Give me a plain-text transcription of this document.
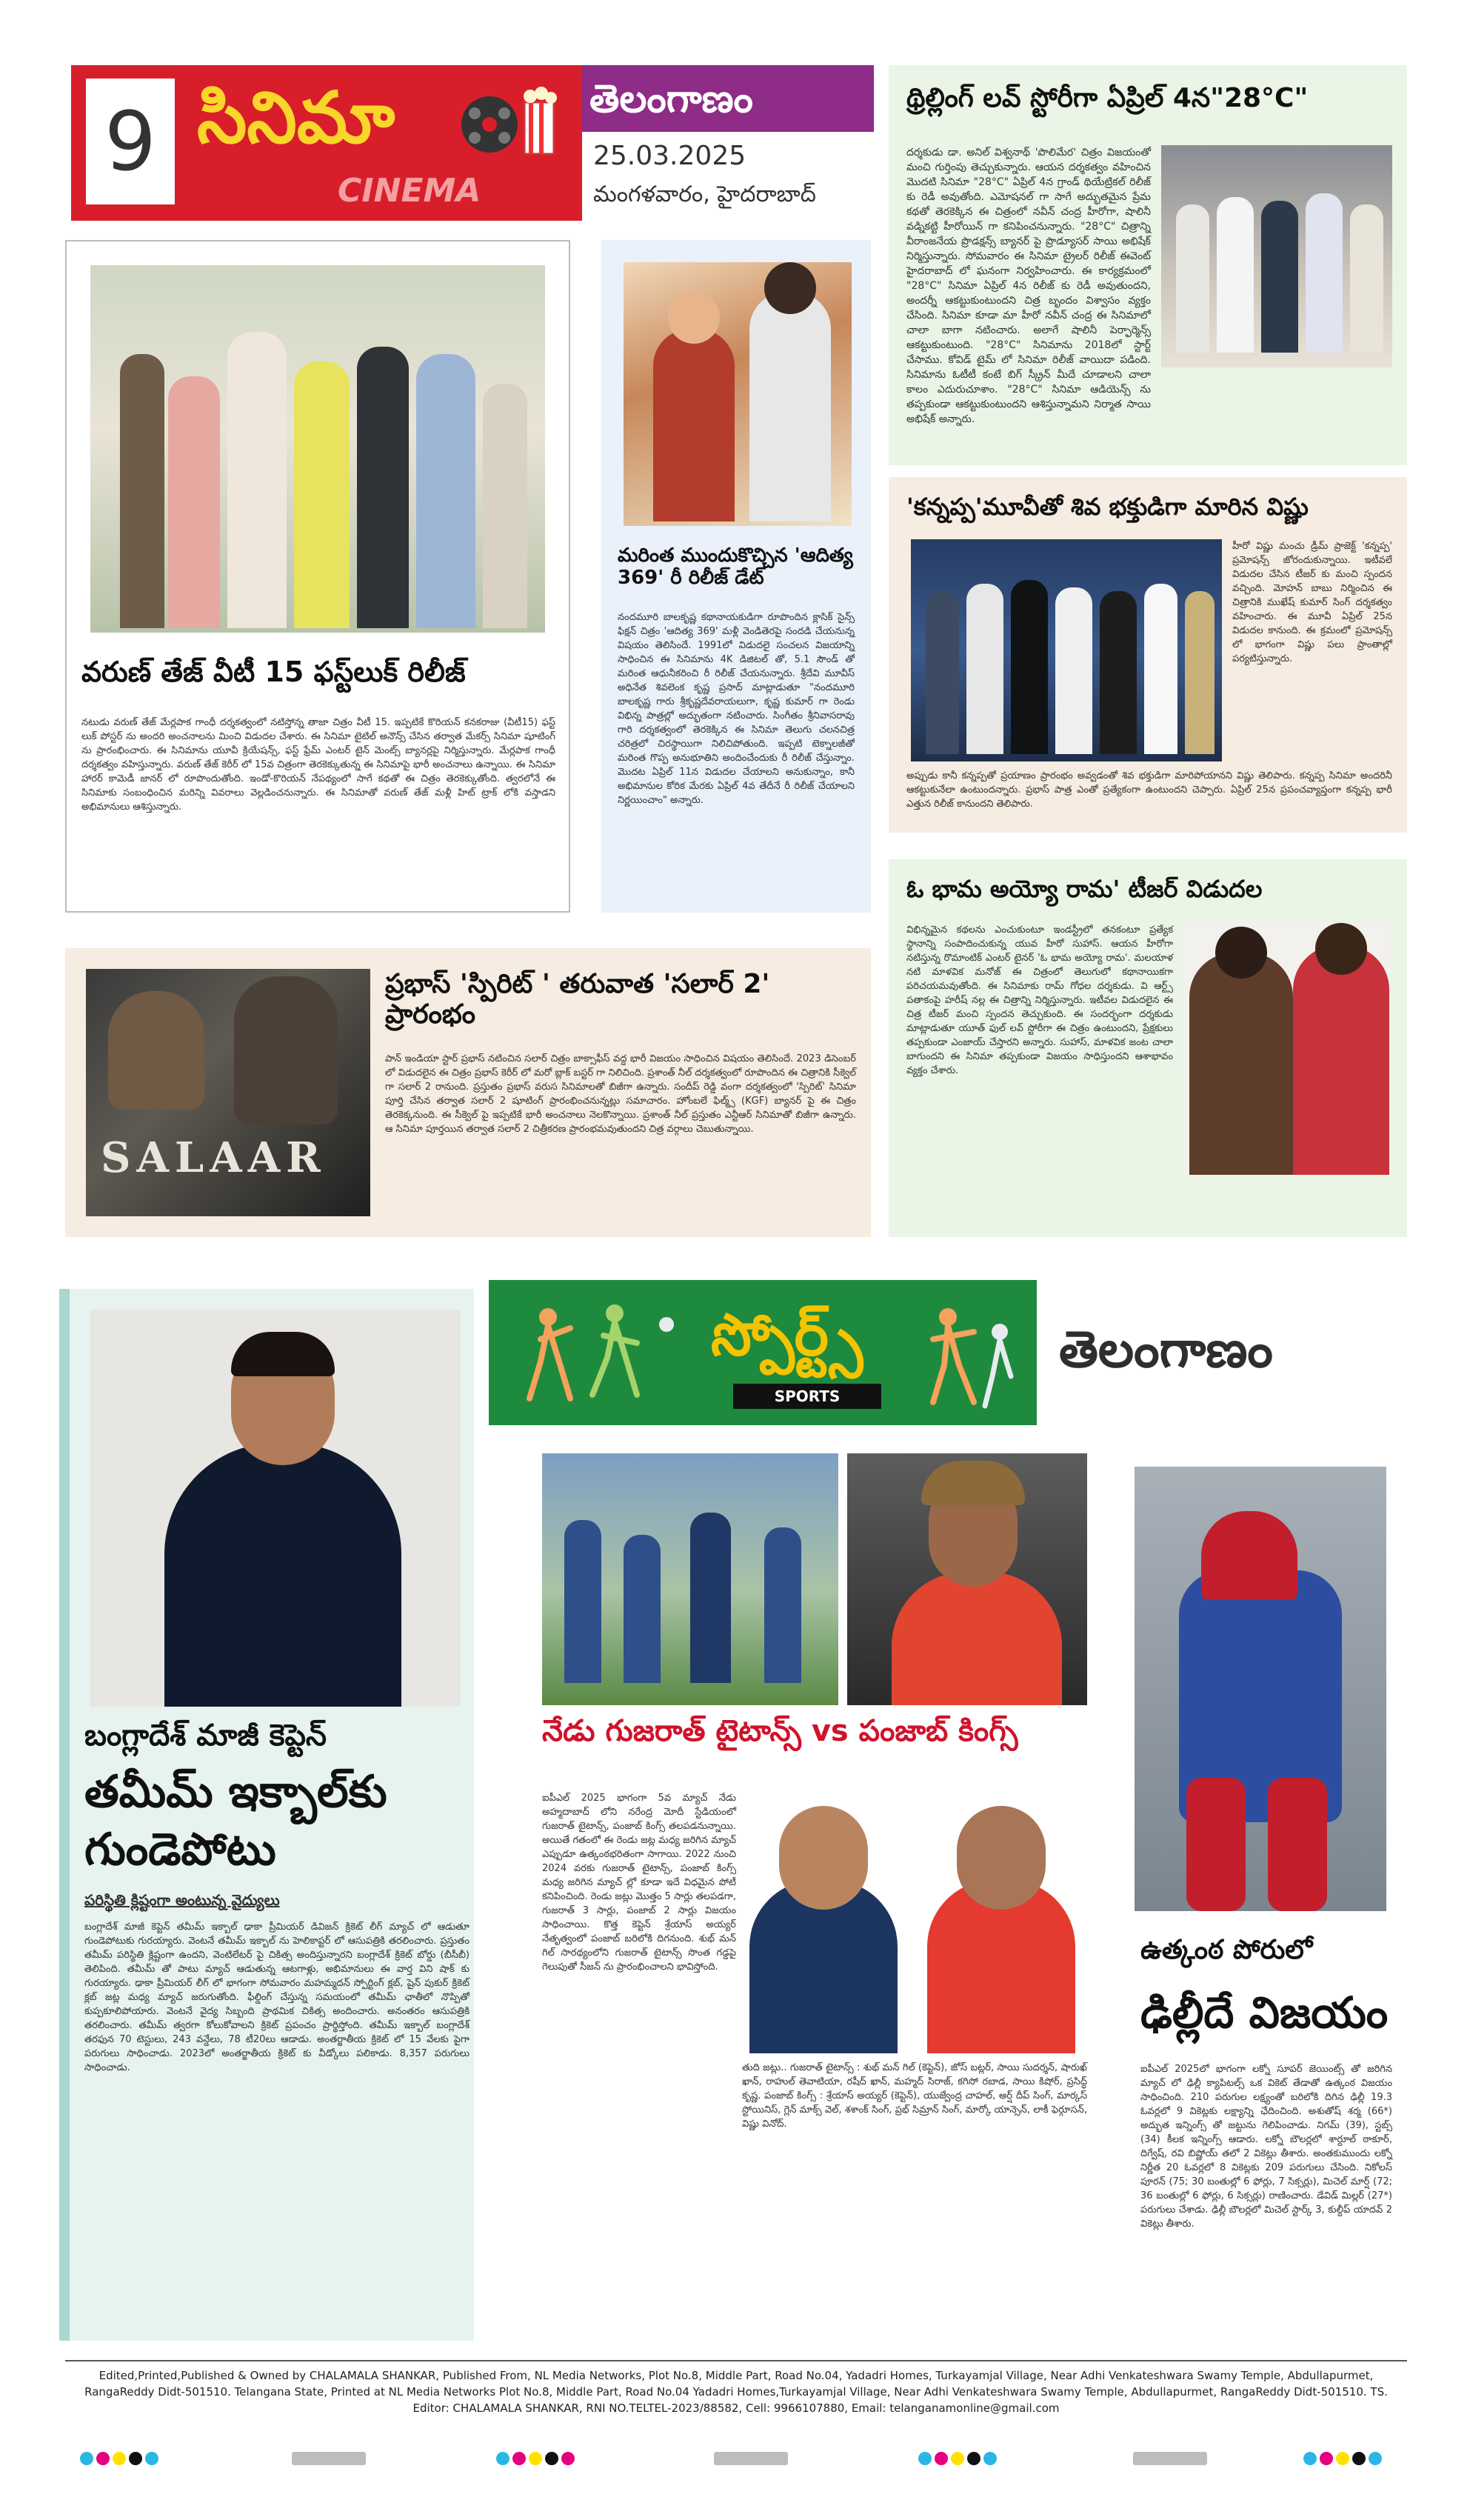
9 సినిమా
CINEMA
తెలంగాణం
25.03.2025
మంగళవారం, హైదరాబాద్
థ్రిల్లింగ్ లవ్ స్టోరీగా ఏప్రిల్ 4న"28°C"
దర్శకుడు డా. అనిల్ విశ్వనాథ్ 'పొలిమేర' చిత్రం విజయంతో మంచి గుర్తింపు తెచ్చుకున్నారు. ఆయన దర్శకత్వం వహించిన మొదటి సినిమా "28°C" ఏప్రిల్ 4న గ్రాండ్ థియేట్రికల్ రిలీజ్ కు రెడీ అవుతోంది. ఎమోషనల్ గా సాగే అద్భుతమైన ప్రేమ కథతో తెరకెక్కిన ఈ చిత్రంలో నవీన్ చంద్ర హీరోగా, షాలినీ వడ్నికట్టి హీరోయిన్ గా కనిపించనున్నారు. "28°C" చిత్రాన్ని వీరాంజనేయ ప్రొడక్షన్స్ బ్యానర్ పై ప్రొడ్యూసర్ సాయి అభిషేక్ నిర్మిస్తున్నారు. సోమవారం ఈ సినిమా ట్రైలర్ రిలీజ్ ఈవెంట్ హైదరాబాద్ లో ఘనంగా నిర్వహించారు. ఈ కార్యక్రమంలో "28°C" సినిమా ఏప్రిల్ 4న రిలీజ్ కు రెడీ అవుతుందని, అందర్నీ ఆకట్టుకుంటుందని చిత్ర బృందం విశ్వాసం వ్యక్తం చేసింది. సినిమా కూడా మా హీరో నవీన్ చంద్ర ఈ సినిమాలో చాలా బాగా నటించారు. అలాగే షాలినీ పెర్ఫార్మెన్స్ ఆకట్టుకుంటుంది. "28°C" సినిమాను 2018లో స్టార్ట్ చేసాము. కోవిడ్ టైమ్ లో సినిమా రిలీజ్ వాయిదా పడింది. సినిమాను ఓటీటీ కంటే బిగ్ స్క్రీన్ మీదే చూడాలని చాలా కాలం ఎదురుచూశాం. "28°C" సినిమా ఆడియెన్స్ ను తప్పకుండా ఆకట్టుకుంటుందని ఆశిస్తున్నామని నిర్మాత సాయి అభిషేక్ అన్నారు.
వరుణ్ తేజ్ వీటీ 15 ఫస్ట్‌లుక్ రిలీజ్
నటుడు వరుణ్ తేజ్ మేర్లపాక గాంధీ దర్శకత్వంలో నటిస్తోన్న తాజా చిత్రం వీటీ 15. ఇప్పటికే కొరియన్ కనకరాజు (వీటీ15) ఫస్ట్ లుక్ పోస్టర్ ను అందరి అంచనాలను మించి విడుదల చేశారు. ఈ సినిమా టైటిల్ అనౌన్స్ చేసిన తర్వాత మేకర్స్ సినిమా షూటింగ్ ను ప్రారంభించారు. ఈ సినిమాను యూవీ క్రియేషన్స్, ఫస్ట్ ఫ్రేమ్ ఎంటర్ టైన్ మెంట్స్ బ్యానర్లపై నిర్మిస్తున్నారు. మేర్లపాక గాంధీ దర్శకత్వం వహిస్తున్నారు. వరుణ్ తేజ్ కెరీర్ లో 15వ చిత్రంగా తెరకెక్కుతున్న ఈ సినిమాపై భారీ అంచనాలు ఉన్నాయి. ఈ సినిమా హారర్ కామెడీ జానర్ లో రూపొందుతోంది. ఇండో-కొరియన్ నేపథ్యంలో సాగే కథతో ఈ చిత్రం తెరకెక్కుతోంది. త్వరలోనే ఈ సినిమాకు సంబంధించిన మరిన్ని వివరాలు వెల్లడించనున్నారు. ఈ సినిమాతో వరుణ్ తేజ్ మళ్లీ హిట్ ట్రాక్ లోకి వస్తాడని అభిమానులు ఆశిస్తున్నారు.
మరింత ముందుకొచ్చిన 'ఆదిత్య 369' రీ రిలీజ్ డేట్
నందమూరి బాలకృష్ణ కథానాయకుడిగా రూపొందిన క్లాసిక్ సైన్స్ ఫిక్షన్ చిత్రం 'ఆదిత్య 369' మళ్లీ వెండితెరపై సందడి చేయనున్న విషయం తెలిసిందే. 1991లో విడుదలై సంచలన విజయాన్ని సాధించిన ఈ సినిమాను 4K డిజిటల్ తో, 5.1 సౌండ్ తో మరింత ఆధునీకరించి రీ రిలీజ్ చేయనున్నారు. శ్రీదేవి మూవీస్ అధినేత శివలెంక కృష్ణ ప్రసాద్ మాట్లాడుతూ "నందమూరి బాలకృష్ణ గారు శ్రీకృష్ణదేవరాయలుగా, కృష్ణ కుమార్ గా రెండు విభిన్న పాత్రల్లో అద్భుతంగా నటించారు. సింగీతం శ్రీనివాసరావు గారి దర్శకత్వంలో తెరకెక్కిన ఈ సినిమా తెలుగు చలనచిత్ర చరిత్రలో చిరస్థాయిగా నిలిచిపోతుంది. ఇప్పటి టెక్నాలజీతో మరింత గొప్ప అనుభూతిని అందించేందుకు రీ రిలీజ్ చేస్తున్నాం. మొదట ఏప్రిల్ 11న విడుదల చేయాలని అనుకున్నాం, కానీ అభిమానుల కోరిక మేరకు ఏప్రిల్ 4వ తేదీనే రీ రిలీజ్ చేయాలని నిర్ణయించాం" అన్నారు.
'కన్నప్ప'మూవీతో శివ భక్తుడిగా మారిన విష్ణు
హీరో విష్ణు మంచు డ్రీమ్ ప్రాజెక్ట్ 'కన్నప్ప' ప్రమోషన్స్ జోరందుకున్నాయి. ఇటీవలే విడుదల చేసిన టీజర్ కు మంచి స్పందన వచ్చింది. మోహన్ బాబు నిర్మించిన ఈ చిత్రానికి ముఖేష్ కుమార్ సింగ్ దర్శకత్వం వహించారు. ఈ మూవీ ఏప్రిల్ 25న విడుదల కానుంది. ఈ క్రమంలో ప్రమోషన్స్ లో భాగంగా విష్ణు పలు ప్రాంతాల్లో పర్యటిస్తున్నారు.
అప్పుడు కానీ కన్నప్పతో ప్రయాణం ప్రారంభం అవ్వడంతో శివ భక్తుడిగా మారిపోయానని విష్ణు తెలిపారు. కన్నప్ప సినిమా అందరినీ ఆకట్టుకునేలా ఉంటుందన్నారు. ప్రభాస్ పాత్ర ఎంతో ప్రత్యేకంగా ఉంటుందని చెప్పారు. ఏప్రిల్ 25న ప్రపంచవ్యాప్తంగా కన్నప్ప భారీ ఎత్తున రిలీజ్ కానుందని తెలిపారు.
SALAAR
ప్రభాస్ 'స్పిరిట్ ' తరువాత 'సలార్ 2' ప్రారంభం
పాన్ ఇండియా స్టార్ ప్రభాస్ నటించిన సలార్ చిత్రం బాక్సాఫీస్ వద్ద భారీ విజయం సాధించిన విషయం తెలిసిందే. 2023 డిసెంబర్ లో విడుదలైన ఈ చిత్రం ప్రభాస్ కెరీర్ లో మరో బ్లాక్ బస్టర్ గా నిలిచింది. ప్రశాంత్ నీల్ దర్శకత్వంలో రూపొందిన ఈ చిత్రానికి సీక్వెల్ గా సలార్ 2 రానుంది. ప్రస్తుతం ప్రభాస్ వరుస సినిమాలతో బిజీగా ఉన్నారు. సందీప్ రెడ్డి వంగా దర్శకత్వంలో 'స్పిరిట్' సినిమా పూర్తి చేసిన తర్వాత సలార్ 2 షూటింగ్ ప్రారంభించనున్నట్లు సమాచారం. హోంబలే ఫిల్మ్స్ (KGF) బ్యానర్ పై ఈ చిత్రం తెరకెక్కనుంది. ఈ సీక్వెల్ పై ఇప్పటికే భారీ అంచనాలు నెలకొన్నాయి. ప్రశాంత్ నీల్ ప్రస్తుతం ఎన్టీఆర్ సినిమాతో బిజీగా ఉన్నారు. ఆ సినిమా పూర్తయిన తర్వాత సలార్ 2 చిత్రీకరణ ప్రారంభమవుతుందని చిత్ర వర్గాలు చెబుతున్నాయి.
ఓ భామ అయ్యో రామ' టీజర్ విడుదల
విభిన్నమైన కథలను ఎంచుకుంటూ ఇండస్ట్రీలో తనకంటూ ప్రత్యేక స్థానాన్ని సంపాదించుకున్న యువ హీరో సుహాస్. ఆయన హీరోగా నటిస్తున్న రొమాంటిక్ ఎంటర్ టైనర్ 'ఓ భామ అయ్యో రామ'. మలయాళ నటి మాళవిక మనోజ్ ఈ చిత్రంలో తెలుగులో కథానాయికగా పరిచయమవుతోంది. ఈ సినిమాకు రామ్ గోధల దర్శకుడు. వి ఆర్ట్స్ పతాకంపై హరీష్ నల్ల ఈ చిత్రాన్ని నిర్మిస్తున్నారు. ఇటీవల విడుదలైన ఈ చిత్ర టీజర్ మంచి స్పందన తెచ్చుకుంది. ఈ సందర్భంగా దర్శకుడు మాట్లాడుతూ యూత్ ఫుల్ లవ్ స్టోరీగా ఈ చిత్రం ఉంటుందని, ప్రేక్షకులు తప్పకుండా ఎంజాయ్ చేస్తారని అన్నారు. సుహాస్, మాళవిక జంట చాలా బాగుందని ఈ సినిమా తప్పకుండా విజయం సాధిస్తుందని ఆశాభావం వ్యక్తం చేశారు.
స్పోర్ట్స్
SPORTS
తెలంగాణం
బంగ్లాదేశ్ మాజీ కెప్టెన్
తమీమ్ ఇక్బాల్‌కు గుండెపోటు
పరిస్థితి క్లిష్టంగా అంటున్న వైద్యులు
బంగ్లాదేశ్ మాజీ కెప్టెన్ తమీమ్ ఇక్బాల్ ఢాకా ప్రీమియర్ డివిజన్ క్రికెట్ లీగ్ మ్యాచ్ లో ఆడుతూ గుండెపోటుకు గురయ్యారు. వెంటనే తమీమ్ ఇక్బాల్ ను హెలికాప్టర్ లో ఆసుపత్రికి తరలించారు. ప్రస్తుతం తమీమ్ పరిస్థితి క్లిష్టంగా ఉందని, వెంటిలేటర్ పై చికిత్స అందిస్తున్నారని బంగ్లాదేశ్ క్రికెట్ బోర్డు (బీసీబీ) తెలిపింది. తమీమ్ తో పాటు మ్యాచ్ ఆడుతున్న ఆటగాళ్లు, అభిమానులు ఈ వార్త విని షాక్ కు గురయ్యారు. ఢాకా ప్రీమియర్ లీగ్ లో భాగంగా సోమవారం మహమ్మదన్ స్పోర్టింగ్ క్లబ్, షైన్ పుకుర్ క్రికెట్ క్లబ్ జట్ల మధ్య మ్యాచ్ జరుగుతోంది. ఫీల్డింగ్ చేస్తున్న సమయంలో తమీమ్ ఛాతీలో నొప్పితో కుప్పకూలిపోయారు. వెంటనే వైద్య సిబ్బంది ప్రాథమిక చికిత్స అందించారు. అనంతరం ఆసుపత్రికి తరలించారు. తమీమ్ త్వరగా కోలుకోవాలని క్రికెట్ ప్రపంచం ప్రార్థిస్తోంది. తమీమ్ ఇక్బాల్ బంగ్లాదేశ్ తరఫున 70 టెస్టులు, 243 వన్డేలు, 78 టీ20లు ఆడాడు. అంతర్జాతీయ క్రికెట్ లో 15 వేలకు పైగా పరుగులు సాధించాడు. 2023లో అంతర్జాతీయ క్రికెట్ కు వీడ్కోలు పలికాడు. 8,357 పరుగులు సాధించాడు.
నేడు గుజరాత్ టైటాన్స్ vs పంజాబ్ కింగ్స్
ఐపీఎల్ 2025 భాగంగా 5వ మ్యాచ్ నేడు అహ్మదాబాద్ లోని నరేంద్ర మోదీ స్టేడియంలో గుజరాత్ టైటాన్స్, పంజాబ్ కింగ్స్ తలపడనున్నాయి. అయితే గతంలో ఈ రెండు జట్ల మధ్య జరిగిన మ్యాచ్ ఎప్పుడూ ఉత్కంఠభరితంగా సాగాయి. 2022 నుంచి 2024 వరకు గుజరాత్ టైటాన్స్, పంజాబ్ కింగ్స్ మధ్య జరిగిన మ్యాచ్ ల్లో కూడా ఇదే విధమైన పోటీ కనిపించింది. రెండు జట్లు మొత్తం 5 సార్లు తలపడగా, గుజరాత్ 3 సార్లు, పంజాబ్ 2 సార్లు విజయం సాధించాయి. కొత్త కెప్టెన్ శ్రేయాస్ అయ్యర్ నేతృత్వంలో పంజాబ్ బరిలోకి దిగనుంది. శుభ్ మన్ గిల్ సారథ్యంలోని గుజరాత్ టైటాన్స్ సొంత గడ్డపై గెలుపుతో సీజన్ ను ప్రారంభించాలని భావిస్తోంది.
తుది జట్లు.. గుజరాత్ టైటాన్స్ : శుభ్ మన్ గిల్ (కెప్టెన్), జోస్ బట్లర్, సాయి సుదర్శన్, షారుఖ్ ఖాన్, రాహుల్ తెవాటియా, రషీద్ ఖాన్, మహ్మద్ సిరాజ్, కగిసో రబాడ, సాయి కిషోర్, ప్రసిద్ధ్ కృష్ణ. పంజాబ్ కింగ్స్ : శ్రేయాస్ అయ్యర్ (కెప్టెన్), యుజ్వేంద్ర చాహల్, అర్ష్ దీప్ సింగ్, మార్కస్ స్టోయినిస్, గ్లెన్ మాక్స్ వెల్, శశాంక్ సింగ్, ప్రభ్ సిమ్రాన్ సింగ్, మార్కో యాన్సెన్, లాకీ ఫెర్గూసన్, విష్ణు వినోద్.
ఉత్కంఠ పోరులో
ఢిల్లీదే విజయం
ఐపీఎల్ 2025లో భాగంగా లక్నో సూపర్ జెయింట్స్ తో జరిగిన మ్యాచ్ లో ఢిల్లీ క్యాపిటల్స్ ఒక వికెట్ తేడాతో ఉత్కంఠ విజయం సాధించింది. 210 పరుగుల లక్ష్యంతో బరిలోకి దిగిన ఢిల్లీ 19.3 ఓవర్లలో 9 వికెట్లకు లక్ష్యాన్ని ఛేదించింది. అశుతోష్ శర్మ (66*) అద్భుత ఇన్నింగ్స్ తో జట్టును గెలిపించాడు. నిగమ్ (39), స్టబ్స్ (34) కీలక ఇన్నింగ్స్ ఆడారు. లక్నో బౌలర్లలో శార్దూల్ ఠాకూర్, దిగ్వేష్, రవి బిష్ణోయ్ తలో 2 వికెట్లు తీశారు. అంతకుముందు లక్నో నిర్ణీత 20 ఓవర్లలో 8 వికెట్లకు 209 పరుగులు చేసింది. నికోలస్ పూరన్ (75; 30 బంతుల్లో 6 ఫోర్లు, 7 సిక్సర్లు), మిచెల్ మార్ష్ (72; 36 బంతుల్లో 6 ఫోర్లు, 6 సిక్సర్లు) రాణించారు. డేవిడ్ మిల్లర్ (27*) పరుగులు చేశాడు. ఢిల్లీ బౌలర్లలో మిచెల్ స్టార్క్ 3, కుల్దీప్ యాదవ్ 2 వికెట్లు తీశారు.
Edited,Printed,Published & Owned by CHALAMALA SHANKAR, Published From, NL Media Networks, Plot No.8, Middle Part, Road No.04, Yadadri Homes, Turkayamjal Village, Near Adhi Venkateshwara Swamy Temple, Abdullapurmet, RangaReddy Didt-501510. Telangana State, Printed at NL Media Networks Plot No.8, Middle Part, Road No.04 Yadadri Homes,Turkayamjal Village, Near Adhi Venkateshwara Swamy Temple, Abdullapurmet, RangaReddy Didt-501510. TS. Editor: CHALAMALA SHANKAR, RNI NO.TELTEL-2023/88582, Cell: 9966107880, Email: telanganamonline@gmail.com
